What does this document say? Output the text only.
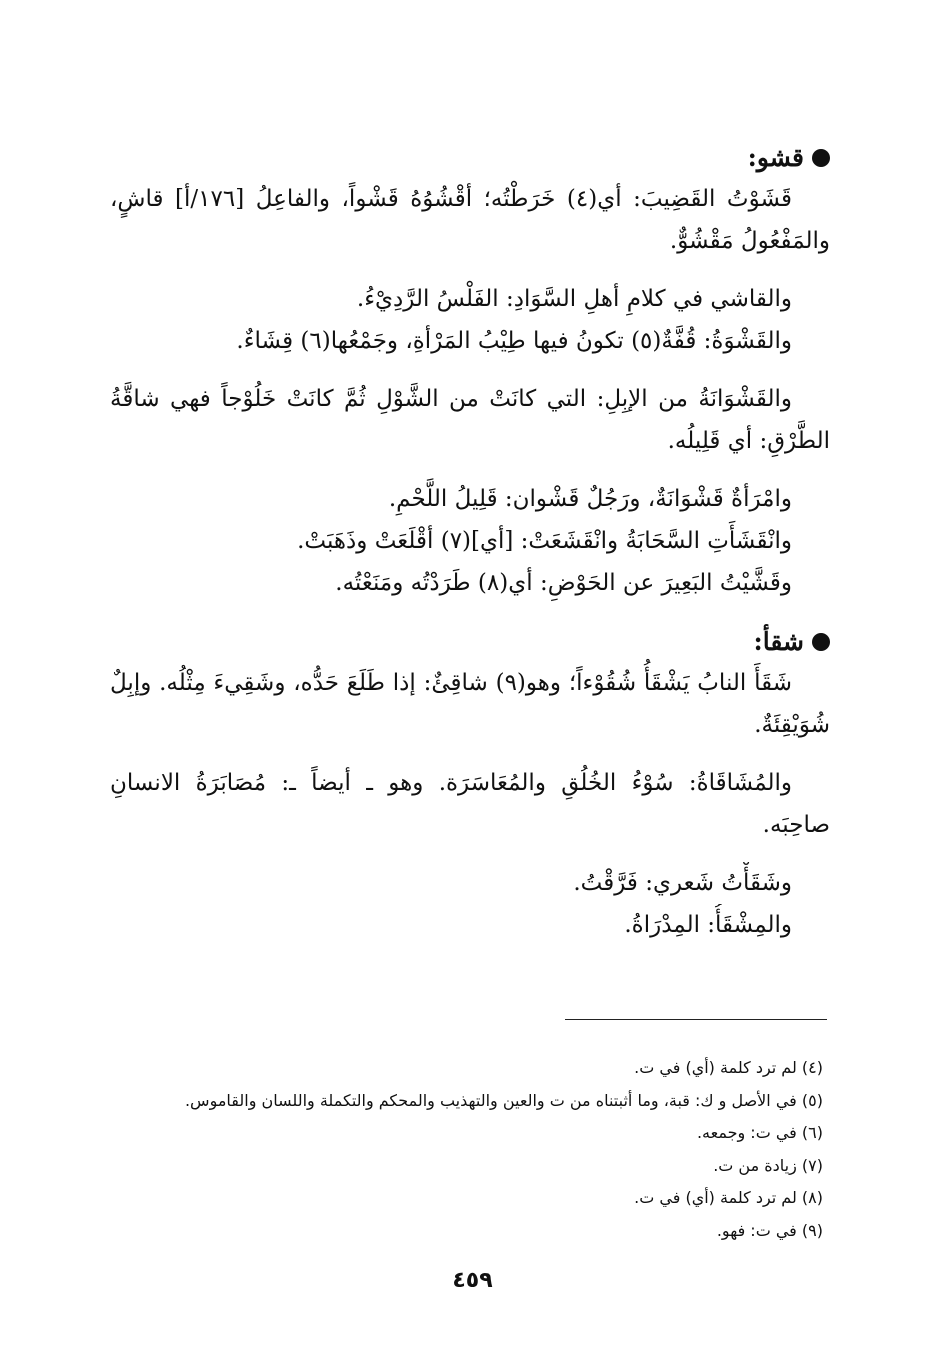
قشو:

قَشَوْتُ القَضِيبَ: أي(٤) خَرَطْتُه؛ أقْشُوُهُ قَشْواً، والفاعِلُ [١٧٦/أ] قاشٍ، والمَفْعُولُ مَقْشُوٌّ.

والقاشي في كلامِ أهلِ السَّوَادِ: الفَلْسُ الرَّدِيْءُ.

والقَشْوَةُ: قُفَّةٌ(٥) تكونُ فيها طِيْبُ المَرْأةِ، وجَمْعُها(٦) قِشَاءٌ.

والقَشْوَانَةُ من الإبِلِ: التي كانَتْ من الشَّوْلِ ثُمَّ كانَتْ خَلُوْجاً فهي شاقَّةُ الطَّرْقِ: أي قَلِيلُه.

وامْرَأةٌ قَشْوَانَةٌ، ورَجُلٌ قَشْوان: قَلِيلُ اللَّحْمِ.

وانْقَشَأَتِ السَّحَابَةُ وانْقَشَعَتْ: [أي](٧) أقْلَعَتْ وذَهَبَتْ.

وقَشَّيْتُ البَعِيرَ عن الحَوْضِ: أي(٨) طَرَدْتُه ومَنَعْتُه.

شقأ:

شَقَأَ النابُ يَشْقَأُ شُقُوْءاً؛ وهو(٩) شاقِئٌ: إذا طَلَعَ حَدُّه، وشَقِيءَ مِثْلُه. وإبِلٌ شُوَيْقِئَةٌ.

والمُشَاقَاةُ: سُوْءُ الخُلُقِ والمُعَاسَرَة. وهو ـ أيضاً ـ: مُصَابَرَةُ الانسانِ صاحِبَه.

وشَقَأْتُ شَعري: فَرَّقْتُ.

والمِشْقَأُ: المِدْرَاةُ.

(٤) لم ترد كلمة (أي) في ت.
(٥) في الأصل و ك: قبة، وما أثبتناه من ت والعين والتهذيب والمحكم والتكملة واللسان والقاموس.
(٦) في ت: وجمعه.
(٧) زيادة من ت.
(٨) لم ترد كلمة (أي) في ت.
(٩) في ت: فهو.
٤٥٩
